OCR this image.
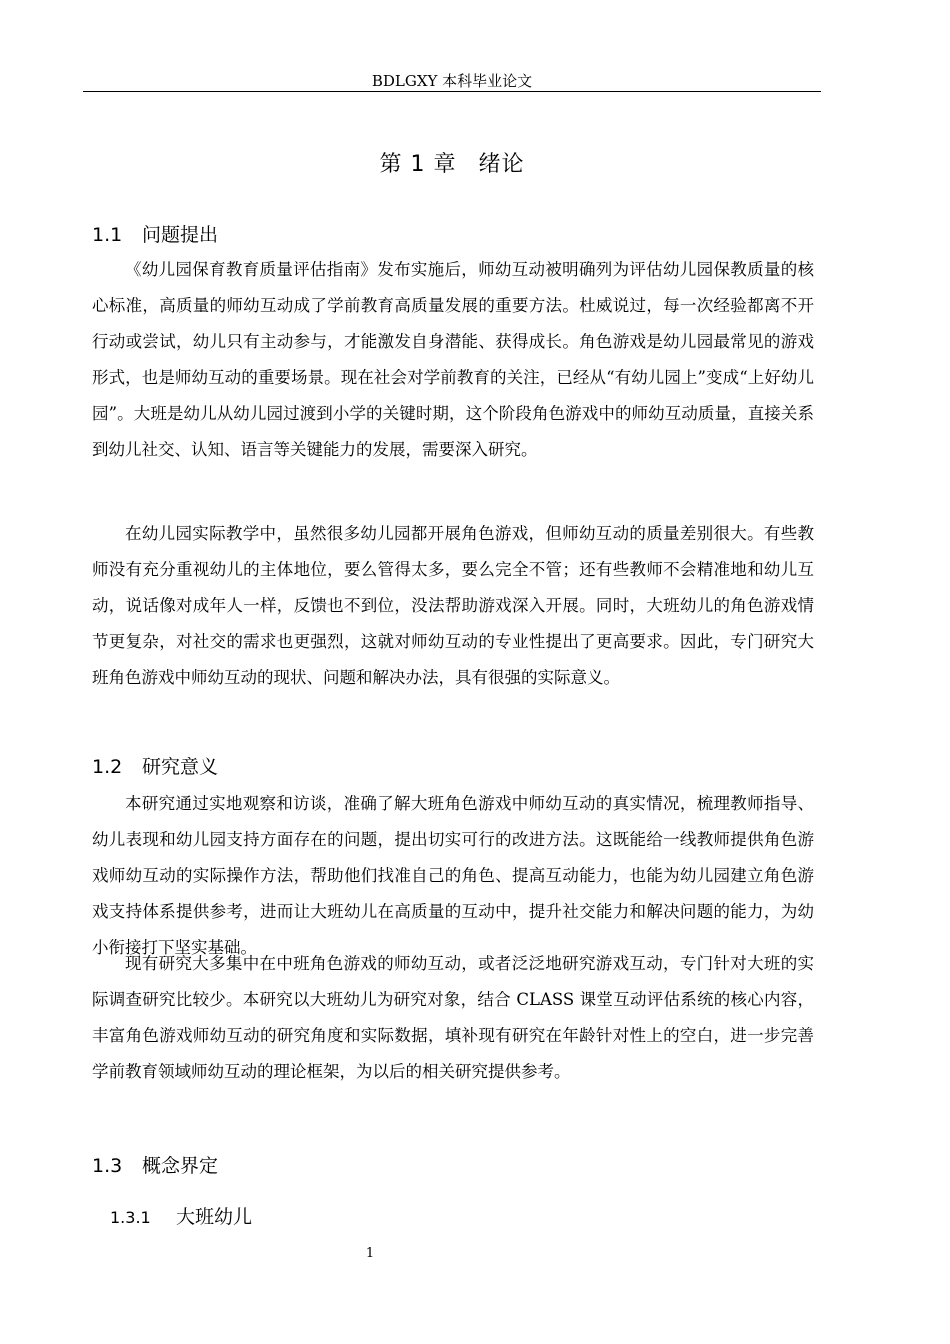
BDLGXY 本科毕业论文
第 1 章 绪论
1.1 问题提出

《幼儿园保育教育质量评估指南》发布实施后，师幼互动被明确列为评估幼儿园保教质量的核心标准，高质量的师幼互动成了学前教育高质量发展的重要方法。杜威说过，每一次经验都离不开行动或尝试，幼儿只有主动参与，才能激发自身潜能、获得成长。角色游戏是幼儿园最常见的游戏形式，也是师幼互动的重要场景。现在社会对学前教育的关注，已经从“有幼儿园上”变成“上好幼儿园”。大班是幼儿从幼儿园过渡到小学的关键时期，这个阶段角色游戏中的师幼互动质量，直接关系到幼儿社交、认知、语言等关键能力的发展，需要深入研究。

在幼儿园实际教学中，虽然很多幼儿园都开展角色游戏，但师幼互动的质量差别很大。有些教师没有充分重视幼儿的主体地位，要么管得太多，要么完全不管；还有些教师不会精准地和幼儿互动，说话像对成年人一样，反馈也不到位，没法帮助游戏深入开展。同时，大班幼儿的角色游戏情节更复杂，对社交的需求也更强烈，这就对师幼互动的专业性提出了更高要求。因此，专门研究大班角色游戏中师幼互动的现状、问题和解决办法，具有很强的实际意义。

1.2 研究意义

本研究通过实地观察和访谈，准确了解大班角色游戏中师幼互动的真实情况，梳理教师指导、幼儿表现和幼儿园支持方面存在的问题，提出切实可行的改进方法。这既能给一线教师提供角色游戏师幼互动的实际操作方法，帮助他们找准自己的角色、提高互动能力，也能为幼儿园建立角色游戏支持体系提供参考，进而让大班幼儿在高质量的互动中，提升社交能力和解决问题的能力，为幼小衔接打下坚实基础。

现有研究大多集中在中班角色游戏的师幼互动，或者泛泛地研究游戏互动，专门针对大班的实际调查研究比较少。本研究以大班幼儿为研究对象，结合 CLASS 课堂互动评估系统的核心内容，丰富角色游戏师幼互动的研究角度和实际数据，填补现有研究在年龄针对性上的空白，进一步完善学前教育领域师幼互动的理论框架，为以后的相关研究提供参考。

1.3 概念界定
1.3.1 大班幼儿
1
